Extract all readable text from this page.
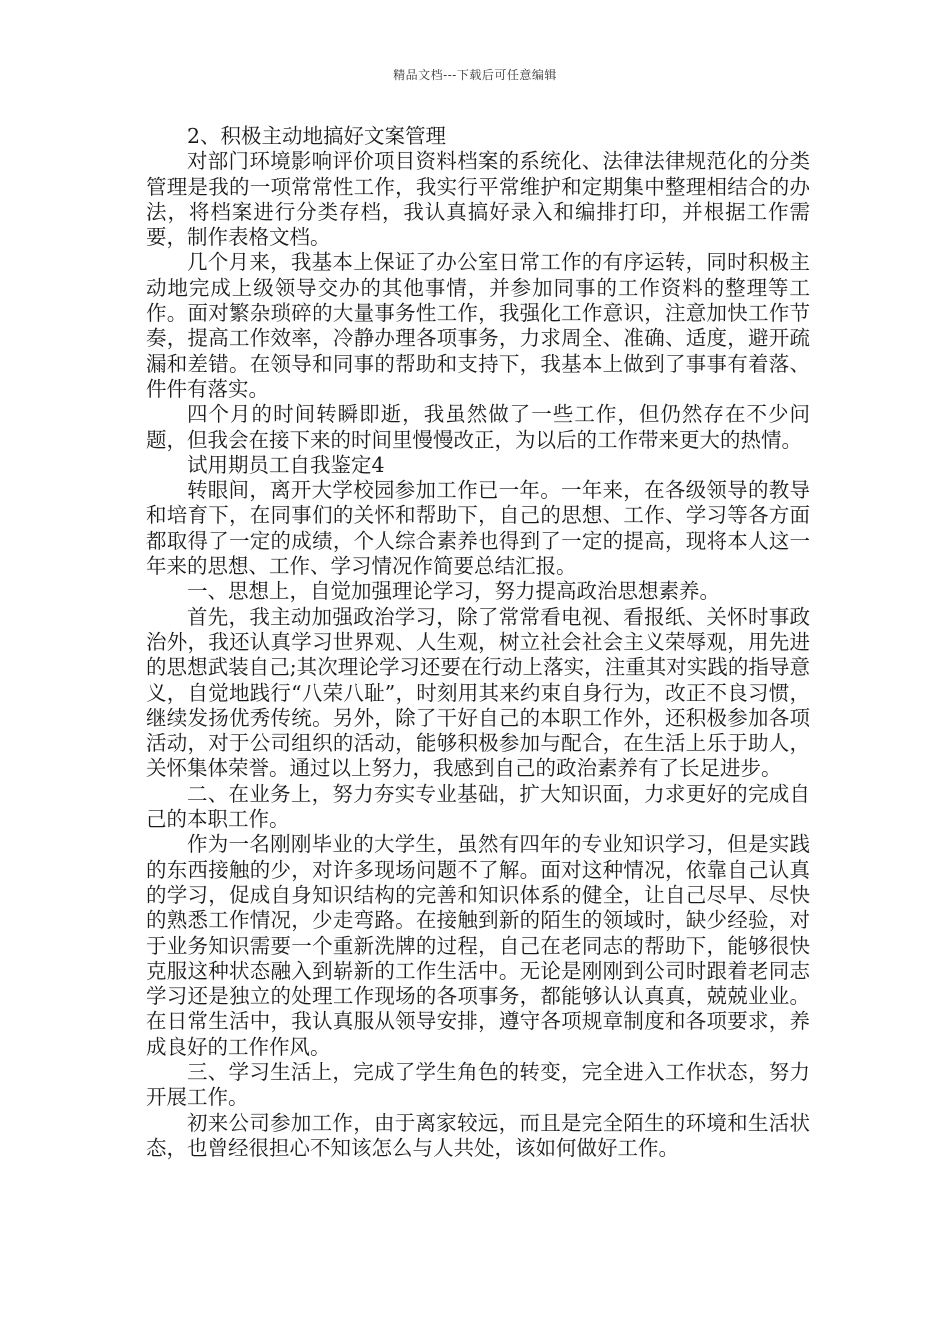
精品文档---下载后可任意编辑

2、积极主动地搞好文案管理

对部门环境影响评价项目资料档案的系统化、法律法律规范化的分类管理是我的一项常常性工作，我实行平常维护和定期集中整理相结合的办法，将档案进行分类存档，我认真搞好录入和编排打印，并根据工作需要，制作表格文档。

几个月来，我基本上保证了办公室日常工作的有序运转，同时积极主动地完成上级领导交办的其他事情，并参加同事的工作资料的整理等工作。面对繁杂琐碎的大量事务性工作，我强化工作意识，注意加快工作节奏，提高工作效率，冷静办理各项事务，力求周全、准确、适度，避开疏漏和差错。在领导和同事的帮助和支持下，我基本上做到了事事有着落、件件有落实。

四个月的时间转瞬即逝，我虽然做了一些工作，但仍然存在不少问题，但我会在接下来的时间里慢慢改正，为以后的工作带来更大的热情。

试用期员工自我鉴定4

转眼间，离开大学校园参加工作已一年。一年来，在各级领导的教导和培育下，在同事们的关怀和帮助下，自己的思想、工作、学习等各方面都取得了一定的成绩，个人综合素养也得到了一定的提高，现将本人这一年来的思想、工作、学习情况作简要总结汇报。

一、思想上，自觉加强理论学习，努力提高政治思想素养。

首先，我主动加强政治学习，除了常常看电视、看报纸、关怀时事政治外，我还认真学习世界观、人生观，树立社会社会主义荣辱观，用先进的思想武装自己;其次理论学习还要在行动上落实，注重其对实践的指导意义，自觉地践行“八荣八耻”，时刻用其来约束自身行为，改正不良习惯，继续发扬优秀传统。另外，除了干好自己的本职工作外，还积极参加各项活动，对于公司组织的活动，能够积极参加与配合，在生活上乐于助人，关怀集体荣誉。通过以上努力，我感到自己的政治素养有了长足进步。

二、在业务上，努力夯实专业基础，扩大知识面，力求更好的完成自己的本职工作。

作为一名刚刚毕业的大学生，虽然有四年的专业知识学习，但是实践的东西接触的少，对许多现场问题不了解。面对这种情况，依靠自己认真的学习，促成自身知识结构的完善和知识体系的健全，让自己尽早、尽快的熟悉工作情况，少走弯路。在接触到新的陌生的领域时，缺少经验，对于业务知识需要一个重新洗牌的过程，自己在老同志的帮助下，能够很快克服这种状态融入到崭新的工作生活中。无论是刚刚到公司时跟着老同志学习还是独立的处理工作现场的各项事务，都能够认认真真，兢兢业业。在日常生活中，我认真服从领导安排，遵守各项规章制度和各项要求，养成良好的工作作风。

三、学习生活上，完成了学生角色的转变，完全进入工作状态，努力开展工作。

初来公司参加工作，由于离家较远，而且是完全陌生的环境和生活状态，也曾经很担心不知该怎么与人共处，该如何做好工作。
